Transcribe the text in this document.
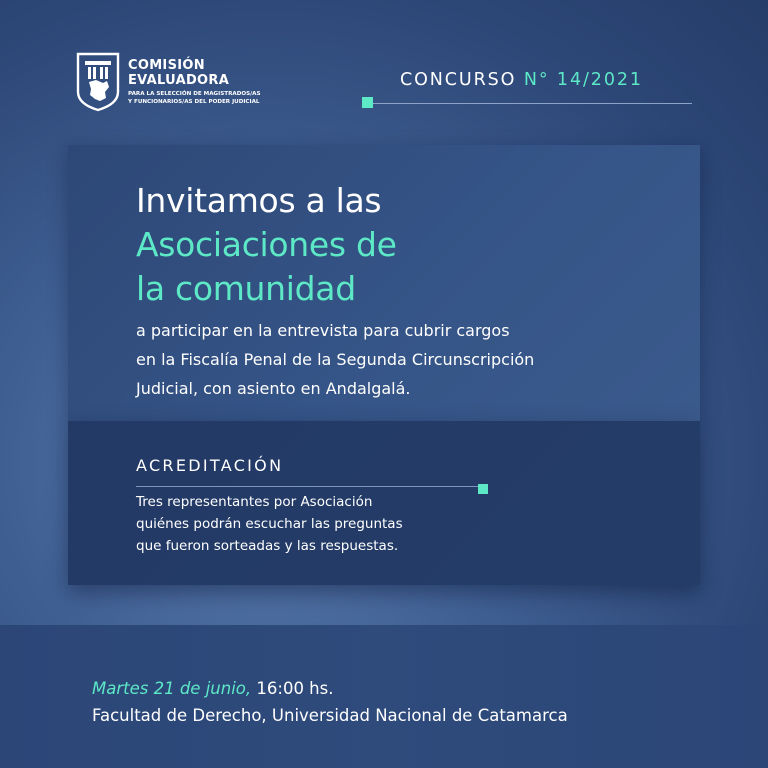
COMISIÓN
EVALUADORA
PARA LA SELECCIÓN DE MAGISTRADOS/AS
Y FUNCIONARIOS/AS DEL PODER JUDICIAL
CONCURSO N° 14/2021
Invitamos a las
Asociaciones de
la comunidad
a participar en la entrevista para cubrir cargos
en la Fiscalía Penal de la Segunda Circunscripción
Judicial, con asiento en Andalgalá.
ACREDITACIÓN
Tres representantes por Asociación
quiénes podrán escuchar las preguntas
que fueron sorteadas y las respuestas.
Martes 21 de junio, 16:00 hs.
Facultad de Derecho, Universidad Nacional de Catamarca
